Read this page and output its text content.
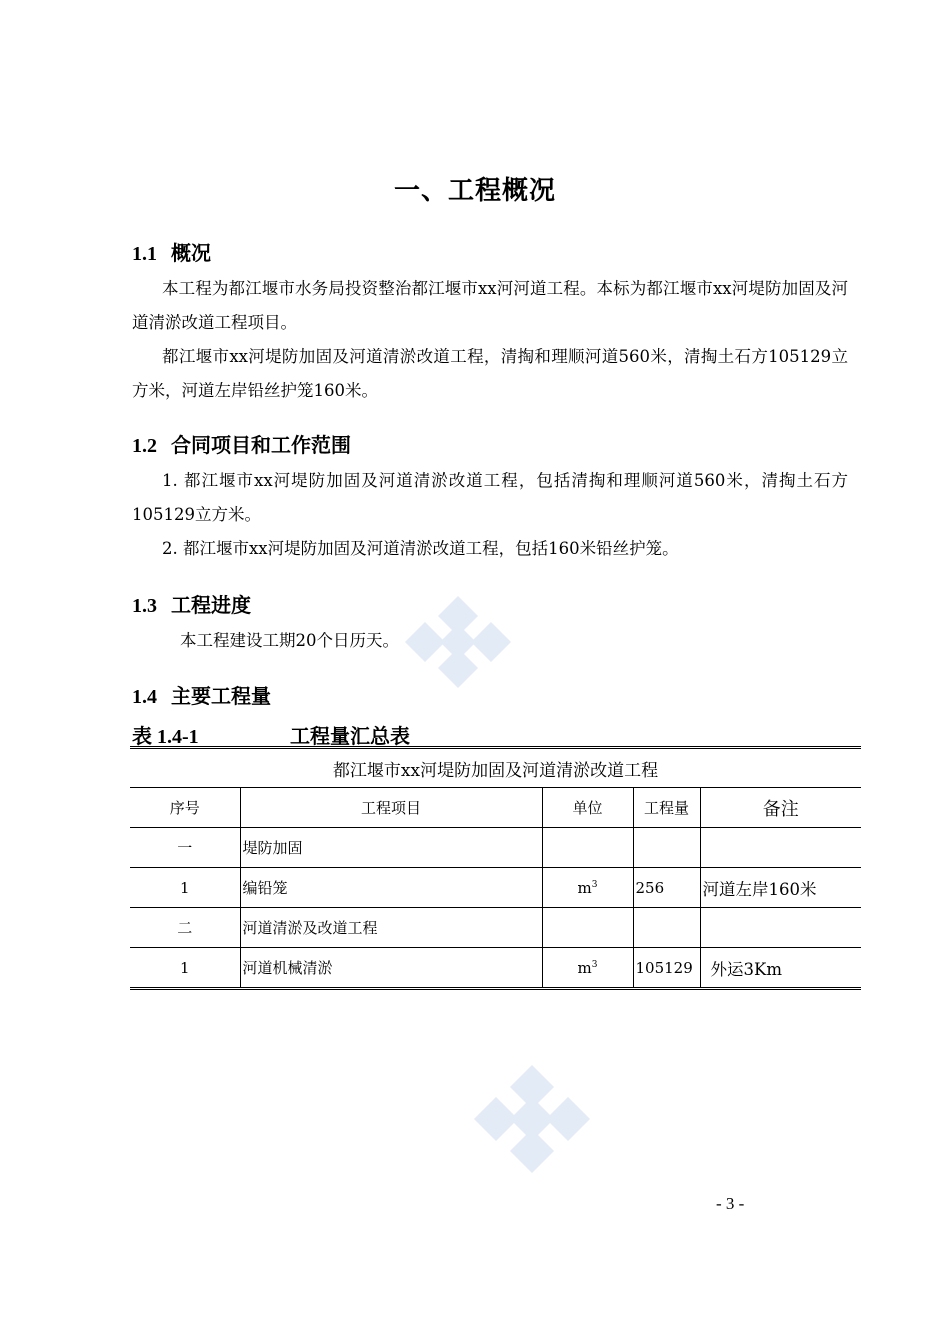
一、工程概况
1.1 概况
本工程为都江堰市水务局投资整治都江堰市xx河河道工程。本标为都江堰市xx河堤防加固及河道清淤改道工程项目。
都江堰市xx河堤防加固及河道清淤改道工程，清掏和理顺河道560米，清掏土石方105129立方米，河道左岸铅丝护笼160米。
1.2 合同项目和工作范围
1. 都江堰市xx河堤防加固及河道清淤改道工程，包括清掏和理顺河道560米，清掏土石方105129立方米。
2. 都江堰市xx河堤防加固及河道清淤改道工程，包括160米铅丝护笼。
1.3 工程进度
本工程建设工期20个日历天。
1.4 主要工程量
表 1.4-1	工程量汇总表
都江堰市xx河堤防加固及河道清淤改道工程				
序号	工程项目	单位	工程量	备注
一	堤防加固			
1	编铅笼	$m^3$	256	河道左岸160米
二	河道清淤及改道工程			
1	河道机械清淤	$m^3$	105129	外运3Km
- 3 -
